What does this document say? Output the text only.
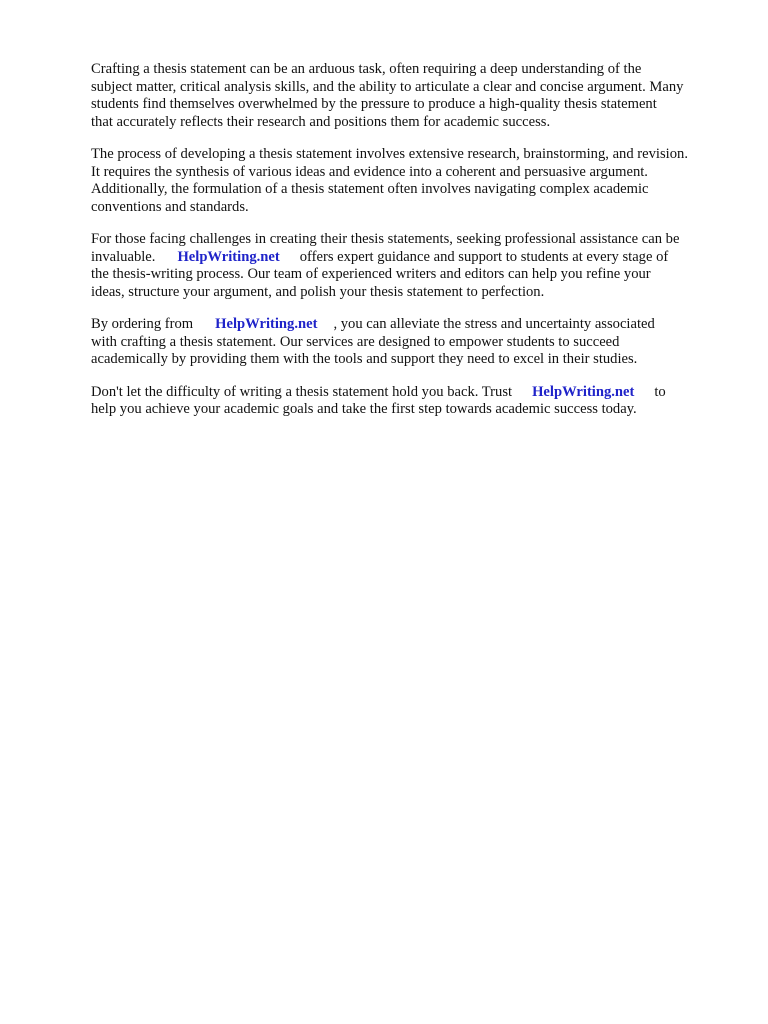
Crafting a thesis statement can be an arduous task, often requiring a deep understanding of the
subject matter, critical analysis skills, and the ability to articulate a clear and concise argument. Many
students find themselves overwhelmed by the pressure to produce a high-quality thesis statement
that accurately reflects their research and positions them for academic success.

The process of developing a thesis statement involves extensive research, brainstorming, and revision.
It requires the synthesis of various ideas and evidence into a coherent and persuasive argument.
Additionally, the formulation of a thesis statement often involves navigating complex academic
conventions and standards.

For those facing challenges in creating their thesis statements, seeking professional assistance can be
invaluable. HelpWriting.net offers expert guidance and support to students at every stage of
the thesis-writing process. Our team of experienced writers and editors can help you refine your
ideas, structure your argument, and polish your thesis statement to perfection.

By ordering from HelpWriting.net , you can alleviate the stress and uncertainty associated
with crafting a thesis statement. Our services are designed to empower students to succeed
academically by providing them with the tools and support they need to excel in their studies.

Don't let the difficulty of writing a thesis statement hold you back. Trust HelpWriting.net to
help you achieve your academic goals and take the first step towards academic success today.
